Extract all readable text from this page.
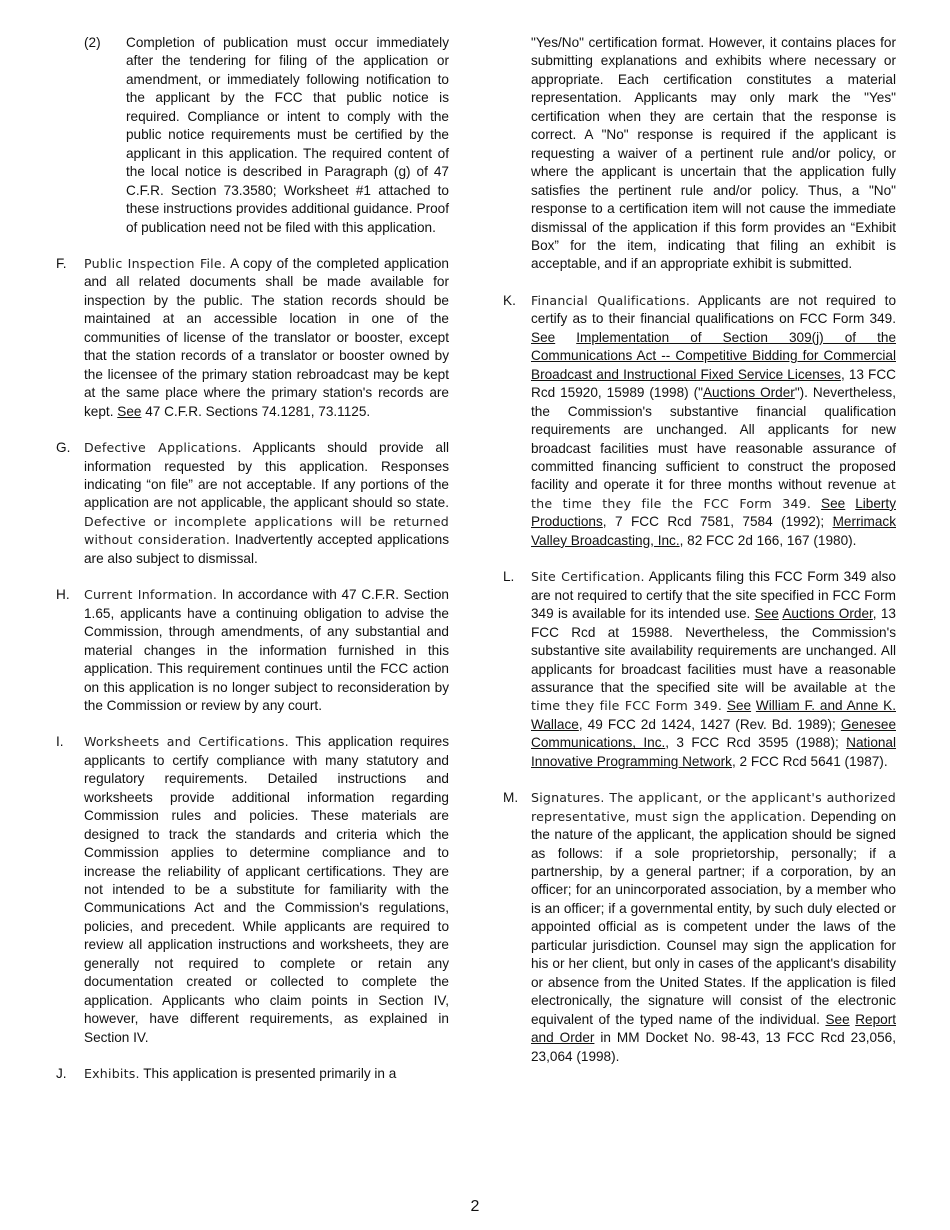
(2) Completion of publication must occur immediately after the tendering for filing of the application or amendment, or immediately following notification to the applicant by the FCC that public notice is required. Compliance or intent to comply with the public notice requirements must be certified by the applicant in this application. The required content of the local notice is described in Paragraph (g) of 47 C.F.R. Section 73.3580; Worksheet #1 attached to these instructions provides additional guidance. Proof of publication need not be filed with this application.
F. Public Inspection File. A copy of the completed application and all related documents shall be made available for inspection by the public. The station records should be maintained at an accessible location in one of the communities of license of the translator or booster, except that the station records of a translator or booster owned by the licensee of the primary station rebroadcast may be kept at the same place where the primary station's records are kept. See 47 C.F.R. Sections 74.1281, 73.1125.
G. Defective Applications. Applicants should provide all information requested by this application. Responses indicating “on file” are not acceptable. If any portions of the application are not applicable, the applicant should so state. Defective or incomplete applications will be returned without consideration. Inadvertently accepted applications are also subject to dismissal.
H. Current Information. In accordance with 47 C.F.R. Section 1.65, applicants have a continuing obligation to advise the Commission, through amendments, of any substantial and material changes in the information furnished in this application. This requirement continues until the FCC action on this application is no longer subject to reconsideration by the Commission or review by any court.
I. Worksheets and Certifications. This application requires applicants to certify compliance with many statutory and regulatory requirements. Detailed instructions and worksheets provide additional information regarding Commission rules and policies. These materials are designed to track the standards and criteria which the Commission applies to determine compliance and to increase the reliability of applicant certifications. They are not intended to be a substitute for familiarity with the Communications Act and the Commission's regulations, policies, and precedent. While applicants are required to review all application instructions and worksheets, they are generally not required to complete or retain any documentation created or collected to complete the application. Applicants who claim points in Section IV, however, have different requirements, as explained in Section IV.
J. Exhibits. This application is presented primarily in a
"Yes/No" certification format. However, it contains places for submitting explanations and exhibits where necessary or appropriate. Each certification constitutes a material representation. Applicants may only mark the "Yes" certification when they are certain that the response is correct. A "No" response is required if the applicant is requesting a waiver of a pertinent rule and/or policy, or where the applicant is uncertain that the application fully satisfies the pertinent rule and/or policy. Thus, a "No" response to a certification item will not cause the immediate dismissal of the application if this form provides an “Exhibit Box” for the item, indicating that filing an exhibit is acceptable, and if an appropriate exhibit is submitted.
K. Financial Qualifications. Applicants are not required to certify as to their financial qualifications on FCC Form 349. See Implementation of Section 309(j) of the Communications Act -- Competitive Bidding for Commercial Broadcast and Instructional Fixed Service Licenses, 13 FCC Rcd 15920, 15989 (1998) ("Auctions Order"). Nevertheless, the Commission's substantive financial qualification requirements are unchanged. All applicants for new broadcast facilities must have reasonable assurance of committed financing sufficient to construct the proposed facility and operate it for three months without revenue at the time they file the FCC Form 349. See Liberty Productions, 7 FCC Rcd 7581, 7584 (1992); Merrimack Valley Broadcasting, Inc., 82 FCC 2d 166, 167 (1980).
L. Site Certification. Applicants filing this FCC Form 349 also are not required to certify that the site specified in FCC Form 349 is available for its intended use. See Auctions Order, 13 FCC Rcd at 15988. Nevertheless, the Commission's substantive site availability requirements are unchanged. All applicants for broadcast facilities must have a reasonable assurance that the specified site will be available at the time they file FCC Form 349. See William F. and Anne K. Wallace, 49 FCC 2d 1424, 1427 (Rev. Bd. 1989); Genesee Communications, Inc., 3 FCC Rcd 3595 (1988); National Innovative Programming Network, 2 FCC Rcd 5641 (1987).
M. Signatures. The applicant, or the applicant's authorized representative, must sign the application. Depending on the nature of the applicant, the application should be signed as follows: if a sole proprietorship, personally; if a partnership, by a general partner; if a corporation, by an officer; for an unincorporated association, by a member who is an officer; if a governmental entity, by such duly elected or appointed official as is competent under the laws of the particular jurisdiction. Counsel may sign the application for his or her client, but only in cases of the applicant's disability or absence from the United States. If the application is filed electronically, the signature will consist of the electronic equivalent of the typed name of the individual. See Report and Order in MM Docket No. 98-43, 13 FCC Rcd 23,056, 23,064 (1998).
2
